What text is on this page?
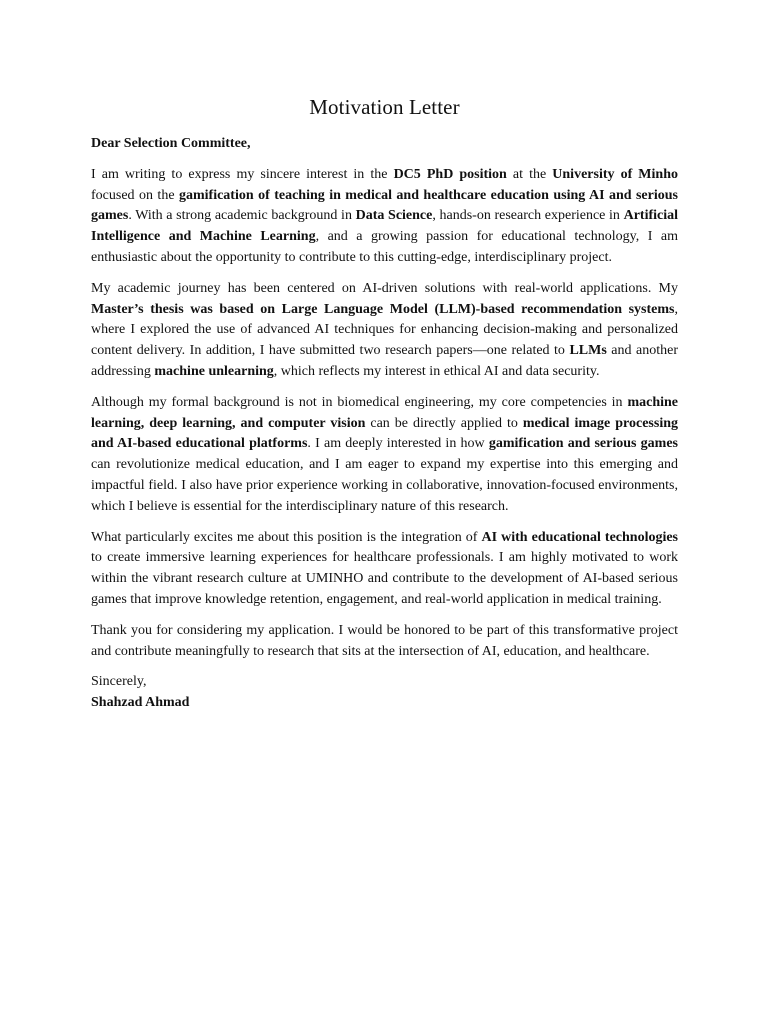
Motivation Letter

Dear Selection Committee,

I am writing to express my sincere interest in the DC5 PhD position at the University of Minho focused on the gamification of teaching in medical and healthcare education using AI and serious games. With a strong academic background in Data Science, hands-on research experience in Artificial Intelligence and Machine Learning, and a growing passion for educational technology, I am enthusiastic about the opportunity to contribute to this cutting-edge, interdisciplinary project.

My academic journey has been centered on AI-driven solutions with real-world applications. My Master’s thesis was based on Large Language Model (LLM)-based recommendation systems, where I explored the use of advanced AI techniques for enhancing decision-making and personalized content delivery. In addition, I have submitted two research papers—one related to LLMs and another addressing machine unlearning, which reflects my interest in ethical AI and data security.

Although my formal background is not in biomedical engineering, my core competencies in machine learning, deep learning, and computer vision can be directly applied to medical image processing and AI-based educational platforms. I am deeply interested in how gamification and serious games can revolutionize medical education, and I am eager to expand my expertise into this emerging and impactful field. I also have prior experience working in collaborative, innovation-focused environments, which I believe is essential for the interdisciplinary nature of this research.

What particularly excites me about this position is the integration of AI with educational technologies to create immersive learning experiences for healthcare professionals. I am highly motivated to work within the vibrant research culture at UMINHO and contribute to the development of AI-based serious games that improve knowledge retention, engagement, and real-world application in medical training.

Thank you for considering my application. I would be honored to be part of this transformative project and contribute meaningfully to research that sits at the intersection of AI, education, and healthcare.

Sincerely,

Shahzad Ahmad
